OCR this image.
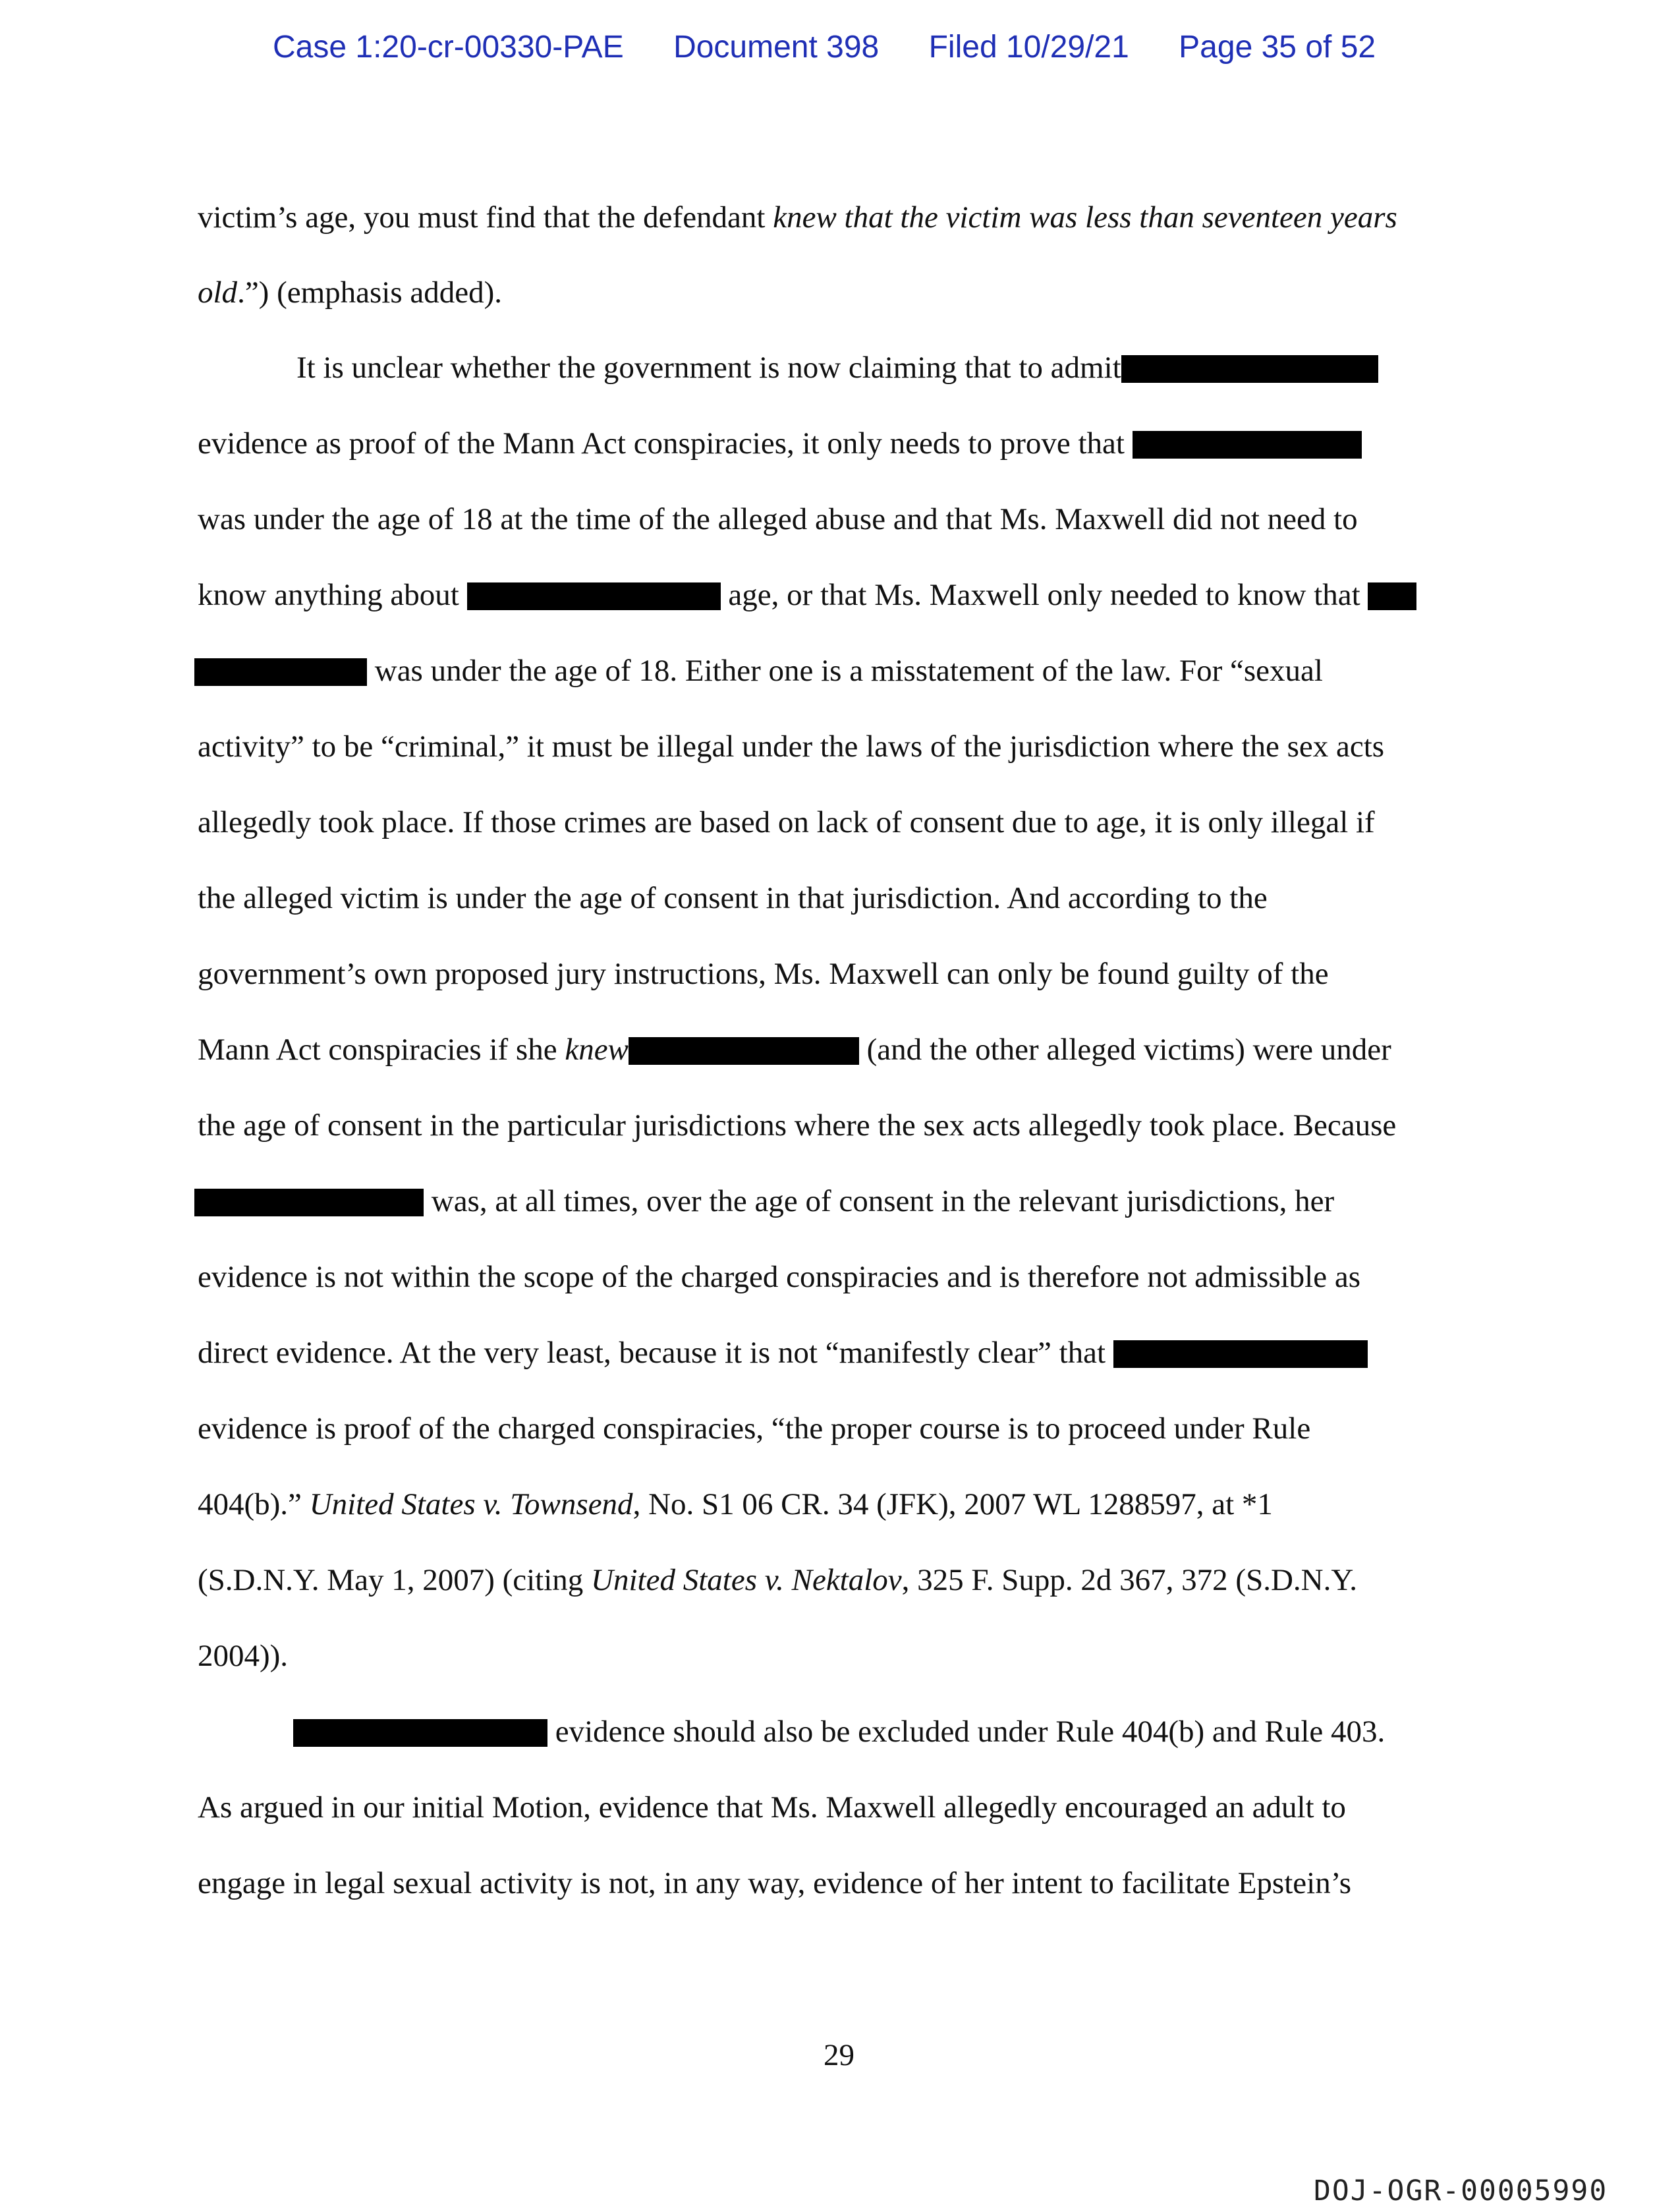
Case 1:20-cr-00330-PAE Document 398 Filed 10/29/21 Page 35 of 52
victim’s age, you must find that the defendant knew that the victim was less than seventeen years
old.”) (emphasis added).
It is unclear whether the government is now claiming that to admit
evidence as proof of the Mann Act conspiracies, it only needs to prove that
was under the age of 18 at the time of the alleged abuse and that Ms. Maxwell did not need to
know anything about	age, or that Ms. Maxwell only needed to know that
was under the age of 18. Either one is a misstatement of the law. For “sexual
activity” to be “criminal,” it must be illegal under the laws of the jurisdiction where the sex acts
allegedly took place. If those crimes are based on lack of consent due to age, it is only illegal if
the alleged victim is under the age of consent in that jurisdiction. And according to the
government’s own proposed jury instructions, Ms. Maxwell can only be found guilty of the
Mann Act conspiracies if she knew	(and the other alleged victims) were under
the age of consent in the particular jurisdictions where the sex acts allegedly took place. Because
was, at all times, over the age of consent in the relevant jurisdictions, her
evidence is not within the scope of the charged conspiracies and is therefore not admissible as
direct evidence. At the very least, because it is not “manifestly clear” that
evidence is proof of the charged conspiracies, “the proper course is to proceed under Rule
404(b).” United States v. Townsend, No. S1 06 CR. 34 (JFK), 2007 WL 1288597, at *1
(S.D.N.Y. May 1, 2007) (citing United States v. Nektalov, 325 F. Supp. 2d 367, 372 (S.D.N.Y.
2004)).
evidence should also be excluded under Rule 404(b) and Rule 403.
As argued in our initial Motion, evidence that Ms. Maxwell allegedly encouraged an adult to
engage in legal sexual activity is not, in any way, evidence of her intent to facilitate Epstein’s
29
DOJ-OGR-00005990
